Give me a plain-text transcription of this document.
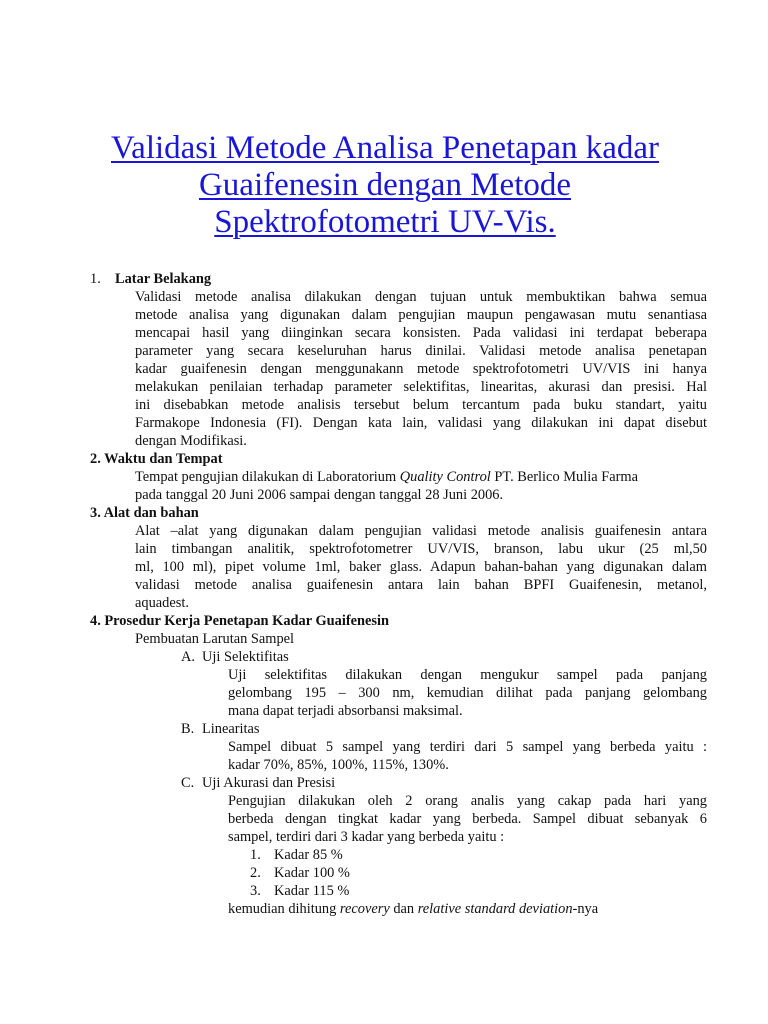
Validasi Metode Analisa Penetapan kadar
Guaifenesin dengan Metode
Spektrofotometri UV-Vis.
1. Latar Belakang
Validasi metode analisa dilakukan dengan tujuan untuk membuktikan bahwa semua
metode analisa yang digunakan dalam pengujian maupun pengawasan mutu senantiasa
mencapai hasil yang diinginkan secara konsisten. Pada validasi ini terdapat beberapa
parameter yang secara keseluruhan harus dinilai. Validasi metode analisa penetapan
kadar guaifenesin dengan menggunakann metode spektrofotometri UV/VIS ini hanya
melakukan penilaian terhadap parameter selektifitas, linearitas, akurasi dan presisi. Hal
ini disebabkan metode analisis tersebut belum tercantum pada buku standart, yaitu
Farmakope Indonesia (FI). Dengan kata lain, validasi yang dilakukan ini dapat disebut
dengan Modifikasi.
2. Waktu dan Tempat
Tempat pengujian dilakukan di Laboratorium Quality Control PT. Berlico Mulia Farma
pada tanggal 20 Juni 2006 sampai dengan tanggal 28 Juni 2006.
3. Alat dan bahan
Alat –alat yang digunakan dalam pengujian validasi metode analisis guaifenesin antara
lain timbangan analitik, spektrofotometrer UV/VIS, branson, labu ukur (25 ml,50
ml, 100 ml), pipet volume 1ml, baker glass. Adapun bahan-bahan yang digunakan dalam
validasi metode analisa guaifenesin antara lain bahan BPFI Guaifenesin, metanol,
aquadest.
4. Prosedur Kerja Penetapan Kadar Guaifenesin
Pembuatan Larutan Sampel
A. Uji Selektifitas
Uji selektifitas dilakukan dengan mengukur sampel pada panjang
gelombang 195 – 300 nm, kemudian dilihat pada panjang gelombang
mana dapat terjadi absorbansi maksimal.
B. Linearitas
Sampel dibuat 5 sampel yang terdiri dari 5 sampel yang berbeda yaitu :
kadar 70%, 85%, 100%, 115%, 130%.
C. Uji Akurasi dan Presisi
Pengujian dilakukan oleh 2 orang analis yang cakap pada hari yang
berbeda dengan tingkat kadar yang berbeda. Sampel dibuat sebanyak 6
sampel, terdiri dari 3 kadar yang berbeda yaitu :
1. Kadar 85 %
2. Kadar 100 %
3. Kadar 115 %
kemudian dihitung recovery dan relative standard deviation-nya
